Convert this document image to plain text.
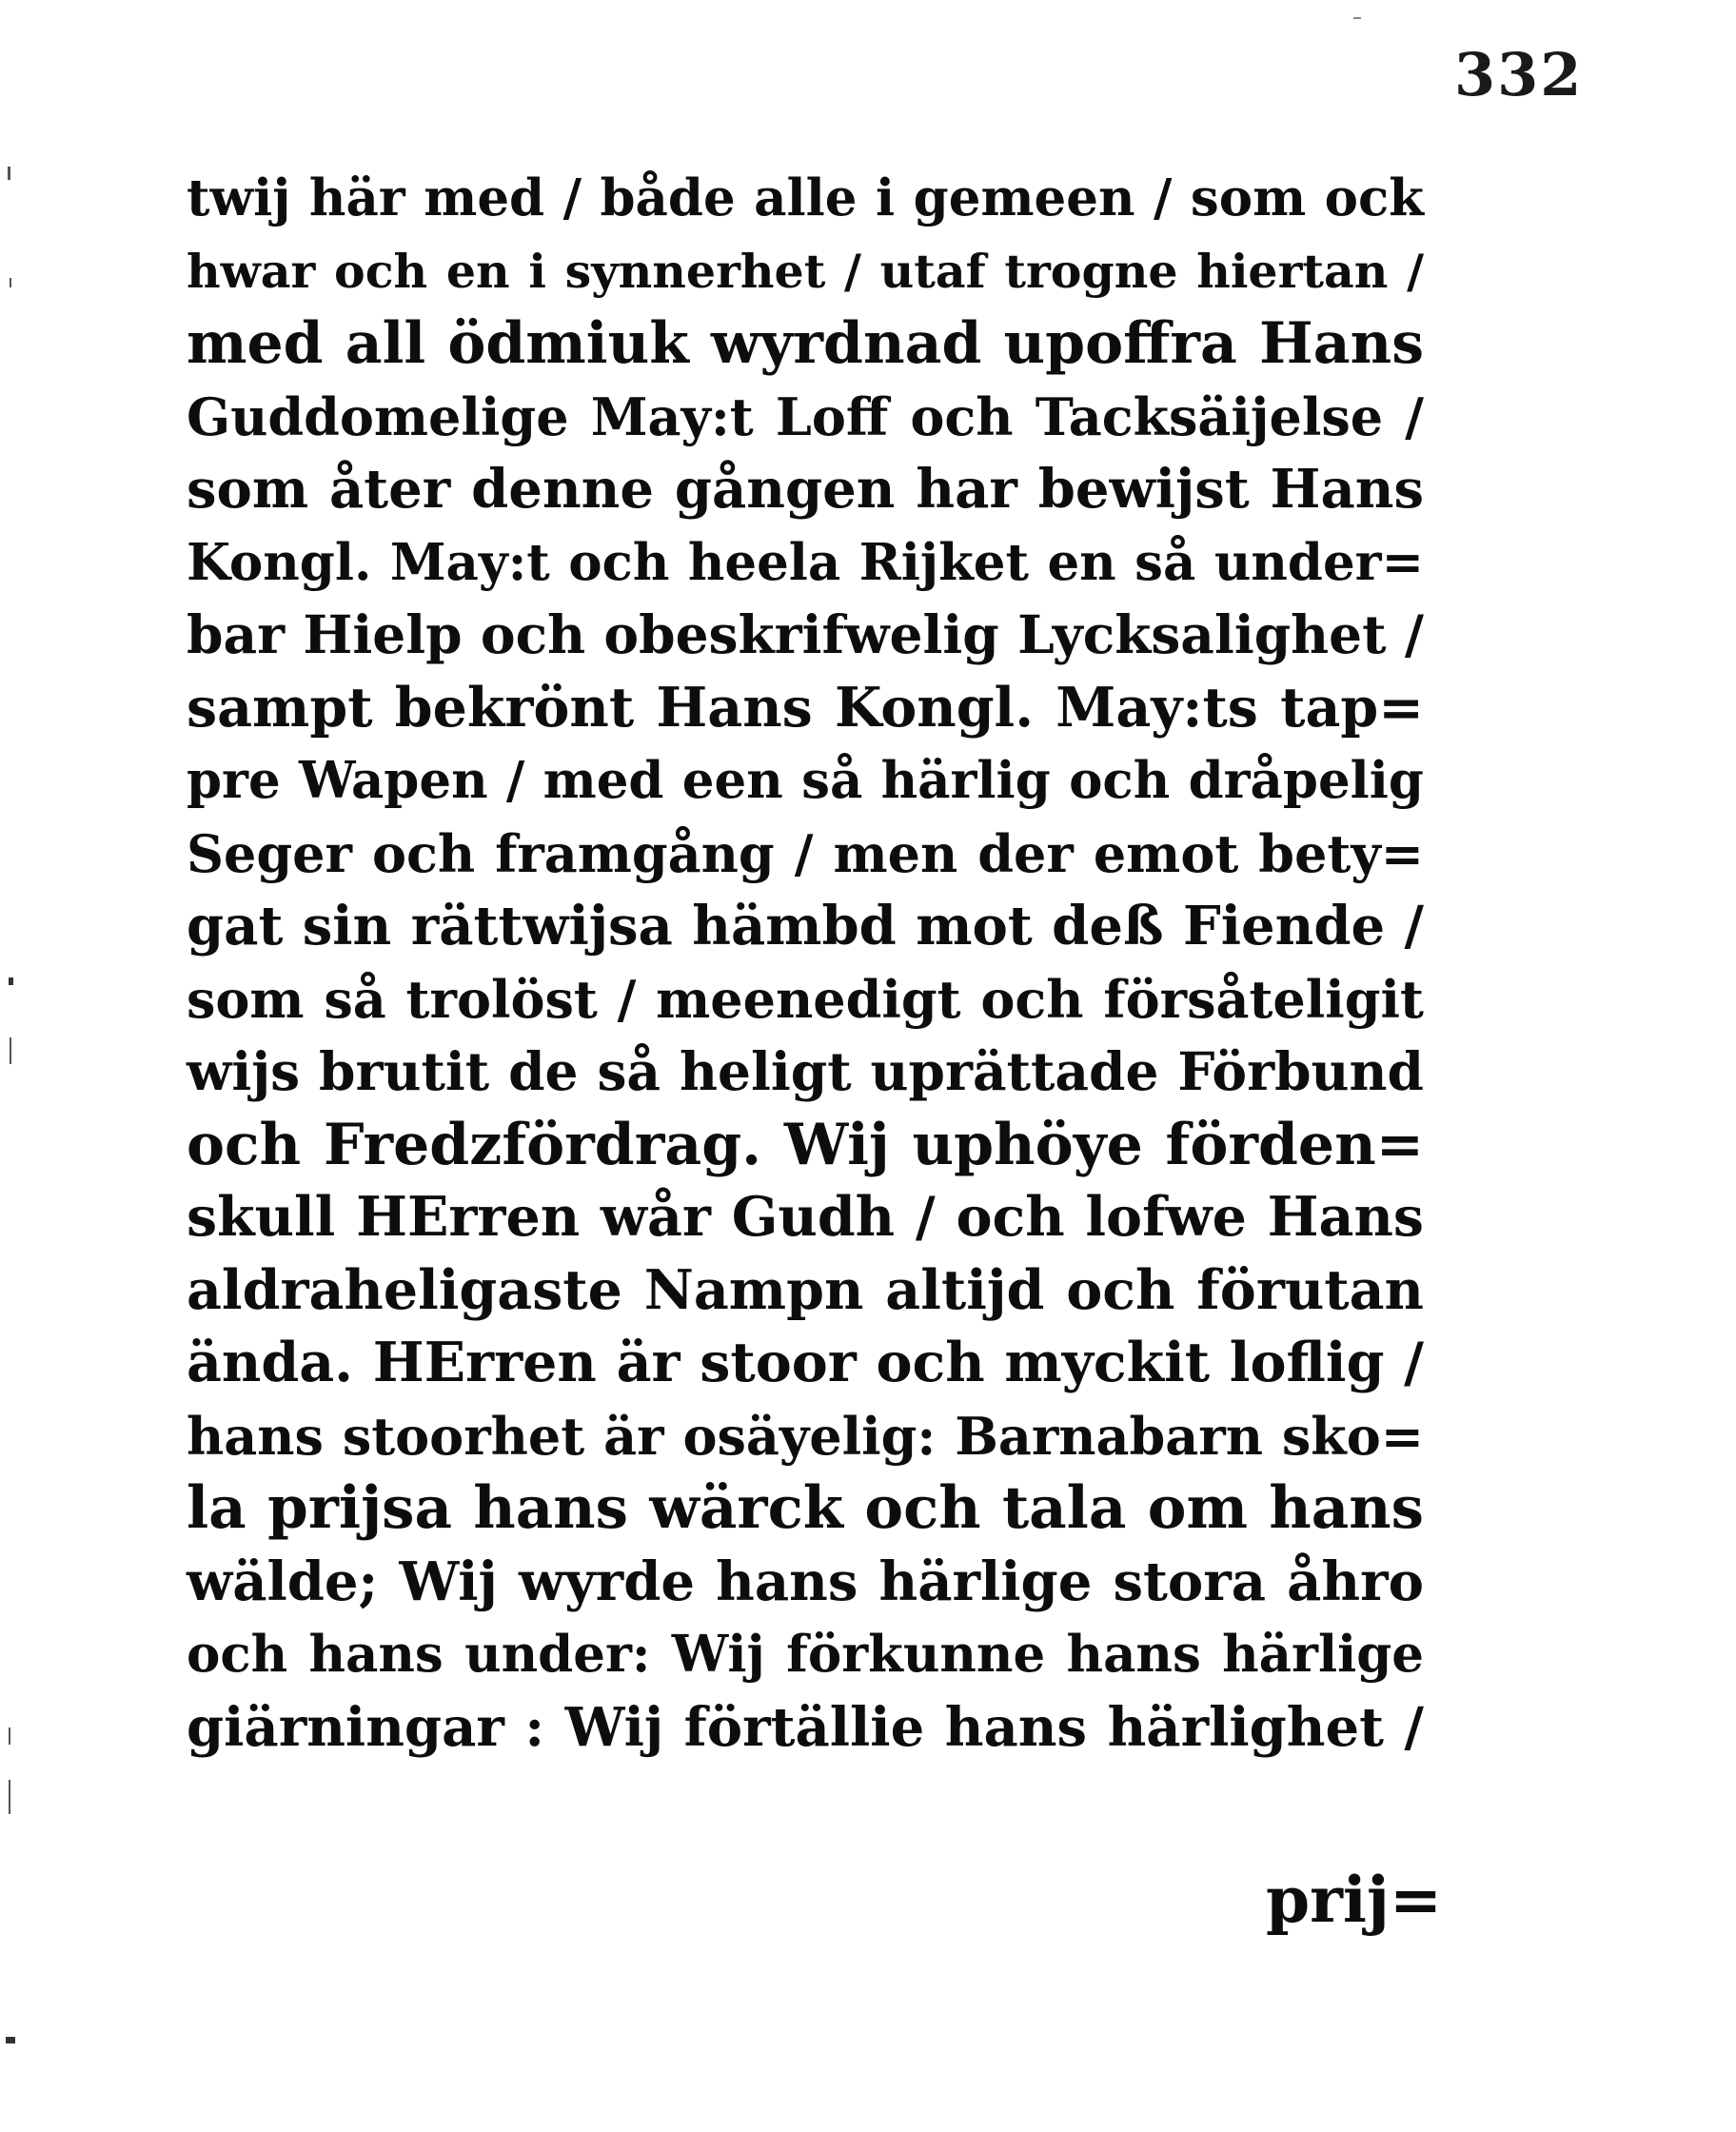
332
twij här med / både alle i gemeen / som ock
hwar och en i synnerhet / utaf trogne hiertan /
med all ödmiuk wyrdnad upoffra Hans
Guddomelige May:t Loff och Tacksäijelse /
som åter denne gången har bewijst Hans
Kongl. May:t och heela Rijket en så under=
bar Hielp och obeskrifwelig Lycksalighet /
sampt bekrönt Hans Kongl. May:ts tap=
pre Wapen / med een så härlig och dråpelig
Seger och framgång / men der emot bety=
gat sin rättwijsa hämbd mot deß Fiende /
som så trolöst / meenedigt och försåteligit
wijs brutit de så heligt uprättade Förbund
och Fredzfördrag. Wij uphöye förden=
skull HErren wår Gudh / och lofwe Hans
aldraheligaste Nampn altijd och förutan
ända. HErren är stoor och myckit loflig /
hans stoorhet är osäyelig: Barnabarn sko=
la prijsa hans wärck och tala om hans
wälde; Wij wyrde hans härlige stora åhro
och hans under: Wij förkunne hans härlige
giärningar : Wij förtällie hans härlighet /
prij=
